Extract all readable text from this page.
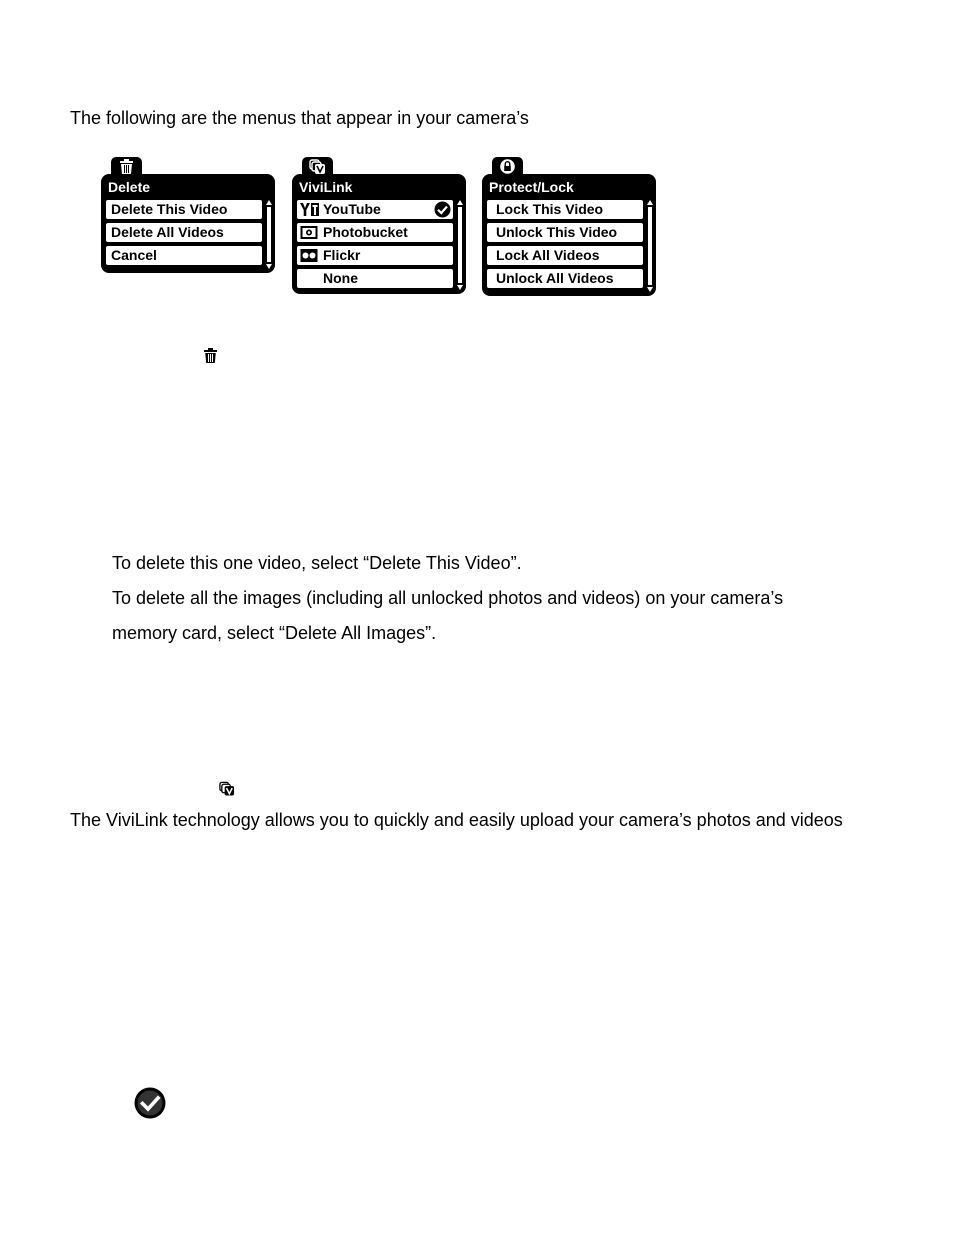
The following are the menus that appear in your camera’s
Delete
Delete This Video
Delete All Videos
Cancel
ViviLink
YouTube
Photobucket
Flickr
None
Protect/Lock
Lock This Video
Unlock This Video
Lock All Videos
Unlock All Videos
To delete this one video, select “Delete This Video”.
To delete all the images (including all unlocked photos and videos) on your camera’s
memory card, select “Delete All Images”.
The ViviLink technology allows you to quickly and easily upload your camera’s photos and videos
